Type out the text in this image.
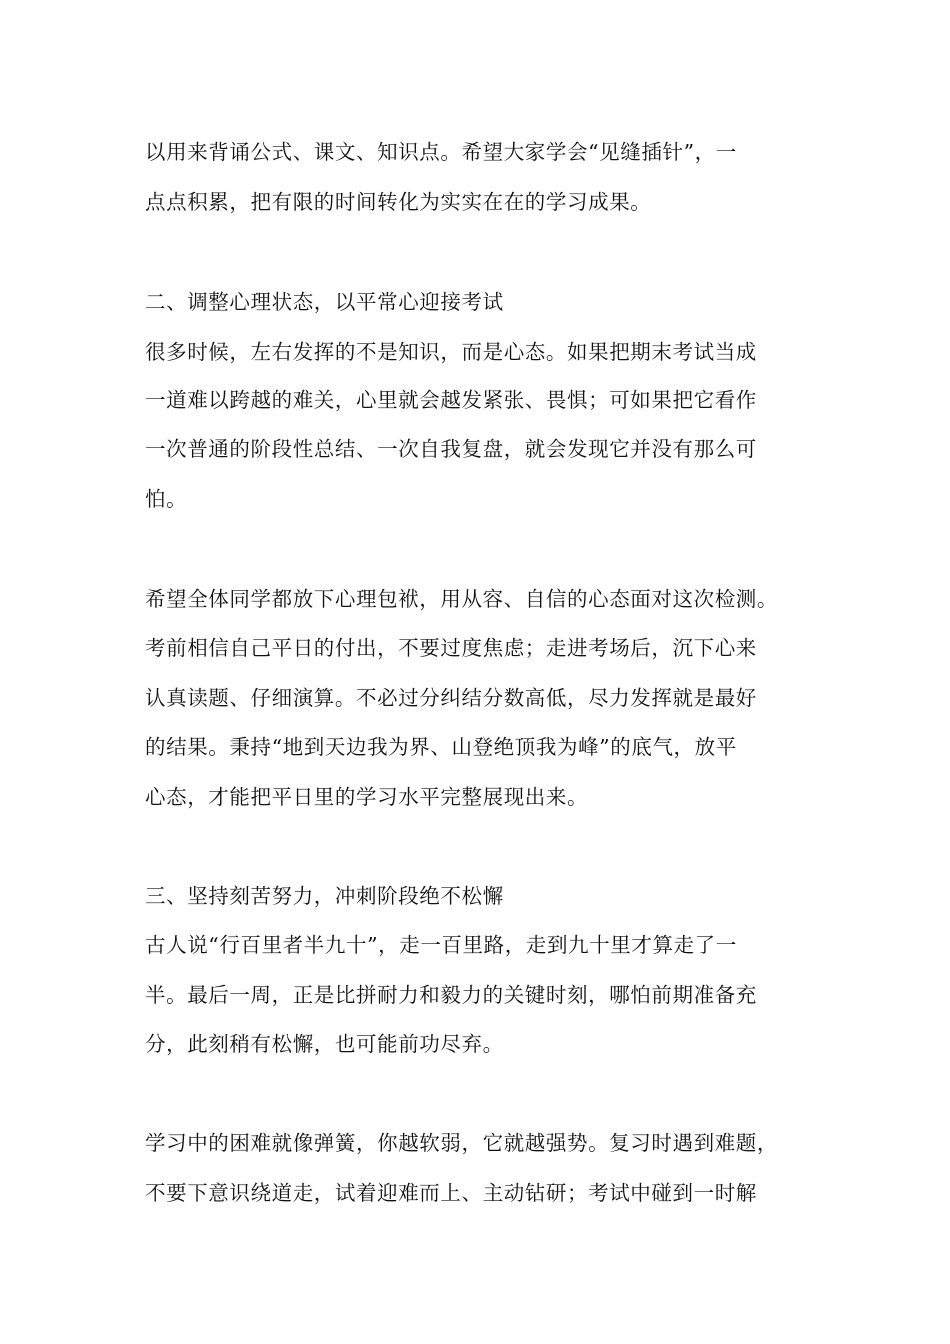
以用来背诵公式、课文、知识点。希望大家学会“见缝插针”，一
点点积累，把有限的时间转化为实实在在的学习成果。
二、调整心理状态，以平常心迎接考试
很多时候，左右发挥的不是知识，而是心态。如果把期末考试当成
一道难以跨越的难关，心里就会越发紧张、畏惧；可如果把它看作
一次普通的阶段性总结、一次自我复盘，就会发现它并没有那么可
怕。
希望全体同学都放下心理包袱，用从容、自信的心态面对这次检测。
考前相信自己平日的付出，不要过度焦虑；走进考场后，沉下心来
认真读题、仔细演算。不必过分纠结分数高低，尽力发挥就是最好
的结果。秉持“地到天边我为界、山登绝顶我为峰”的底气，放平
心态，才能把平日里的学习水平完整展现出来。
三、坚持刻苦努力，冲刺阶段绝不松懈
古人说“行百里者半九十”，走一百里路，走到九十里才算走了一
半。最后一周，正是比拼耐力和毅力的关键时刻，哪怕前期准备充
分，此刻稍有松懈，也可能前功尽弃。
学习中的困难就像弹簧，你越软弱，它就越强势。复习时遇到难题，
不要下意识绕道走，试着迎难而上、主动钻研；考试中碰到一时解
